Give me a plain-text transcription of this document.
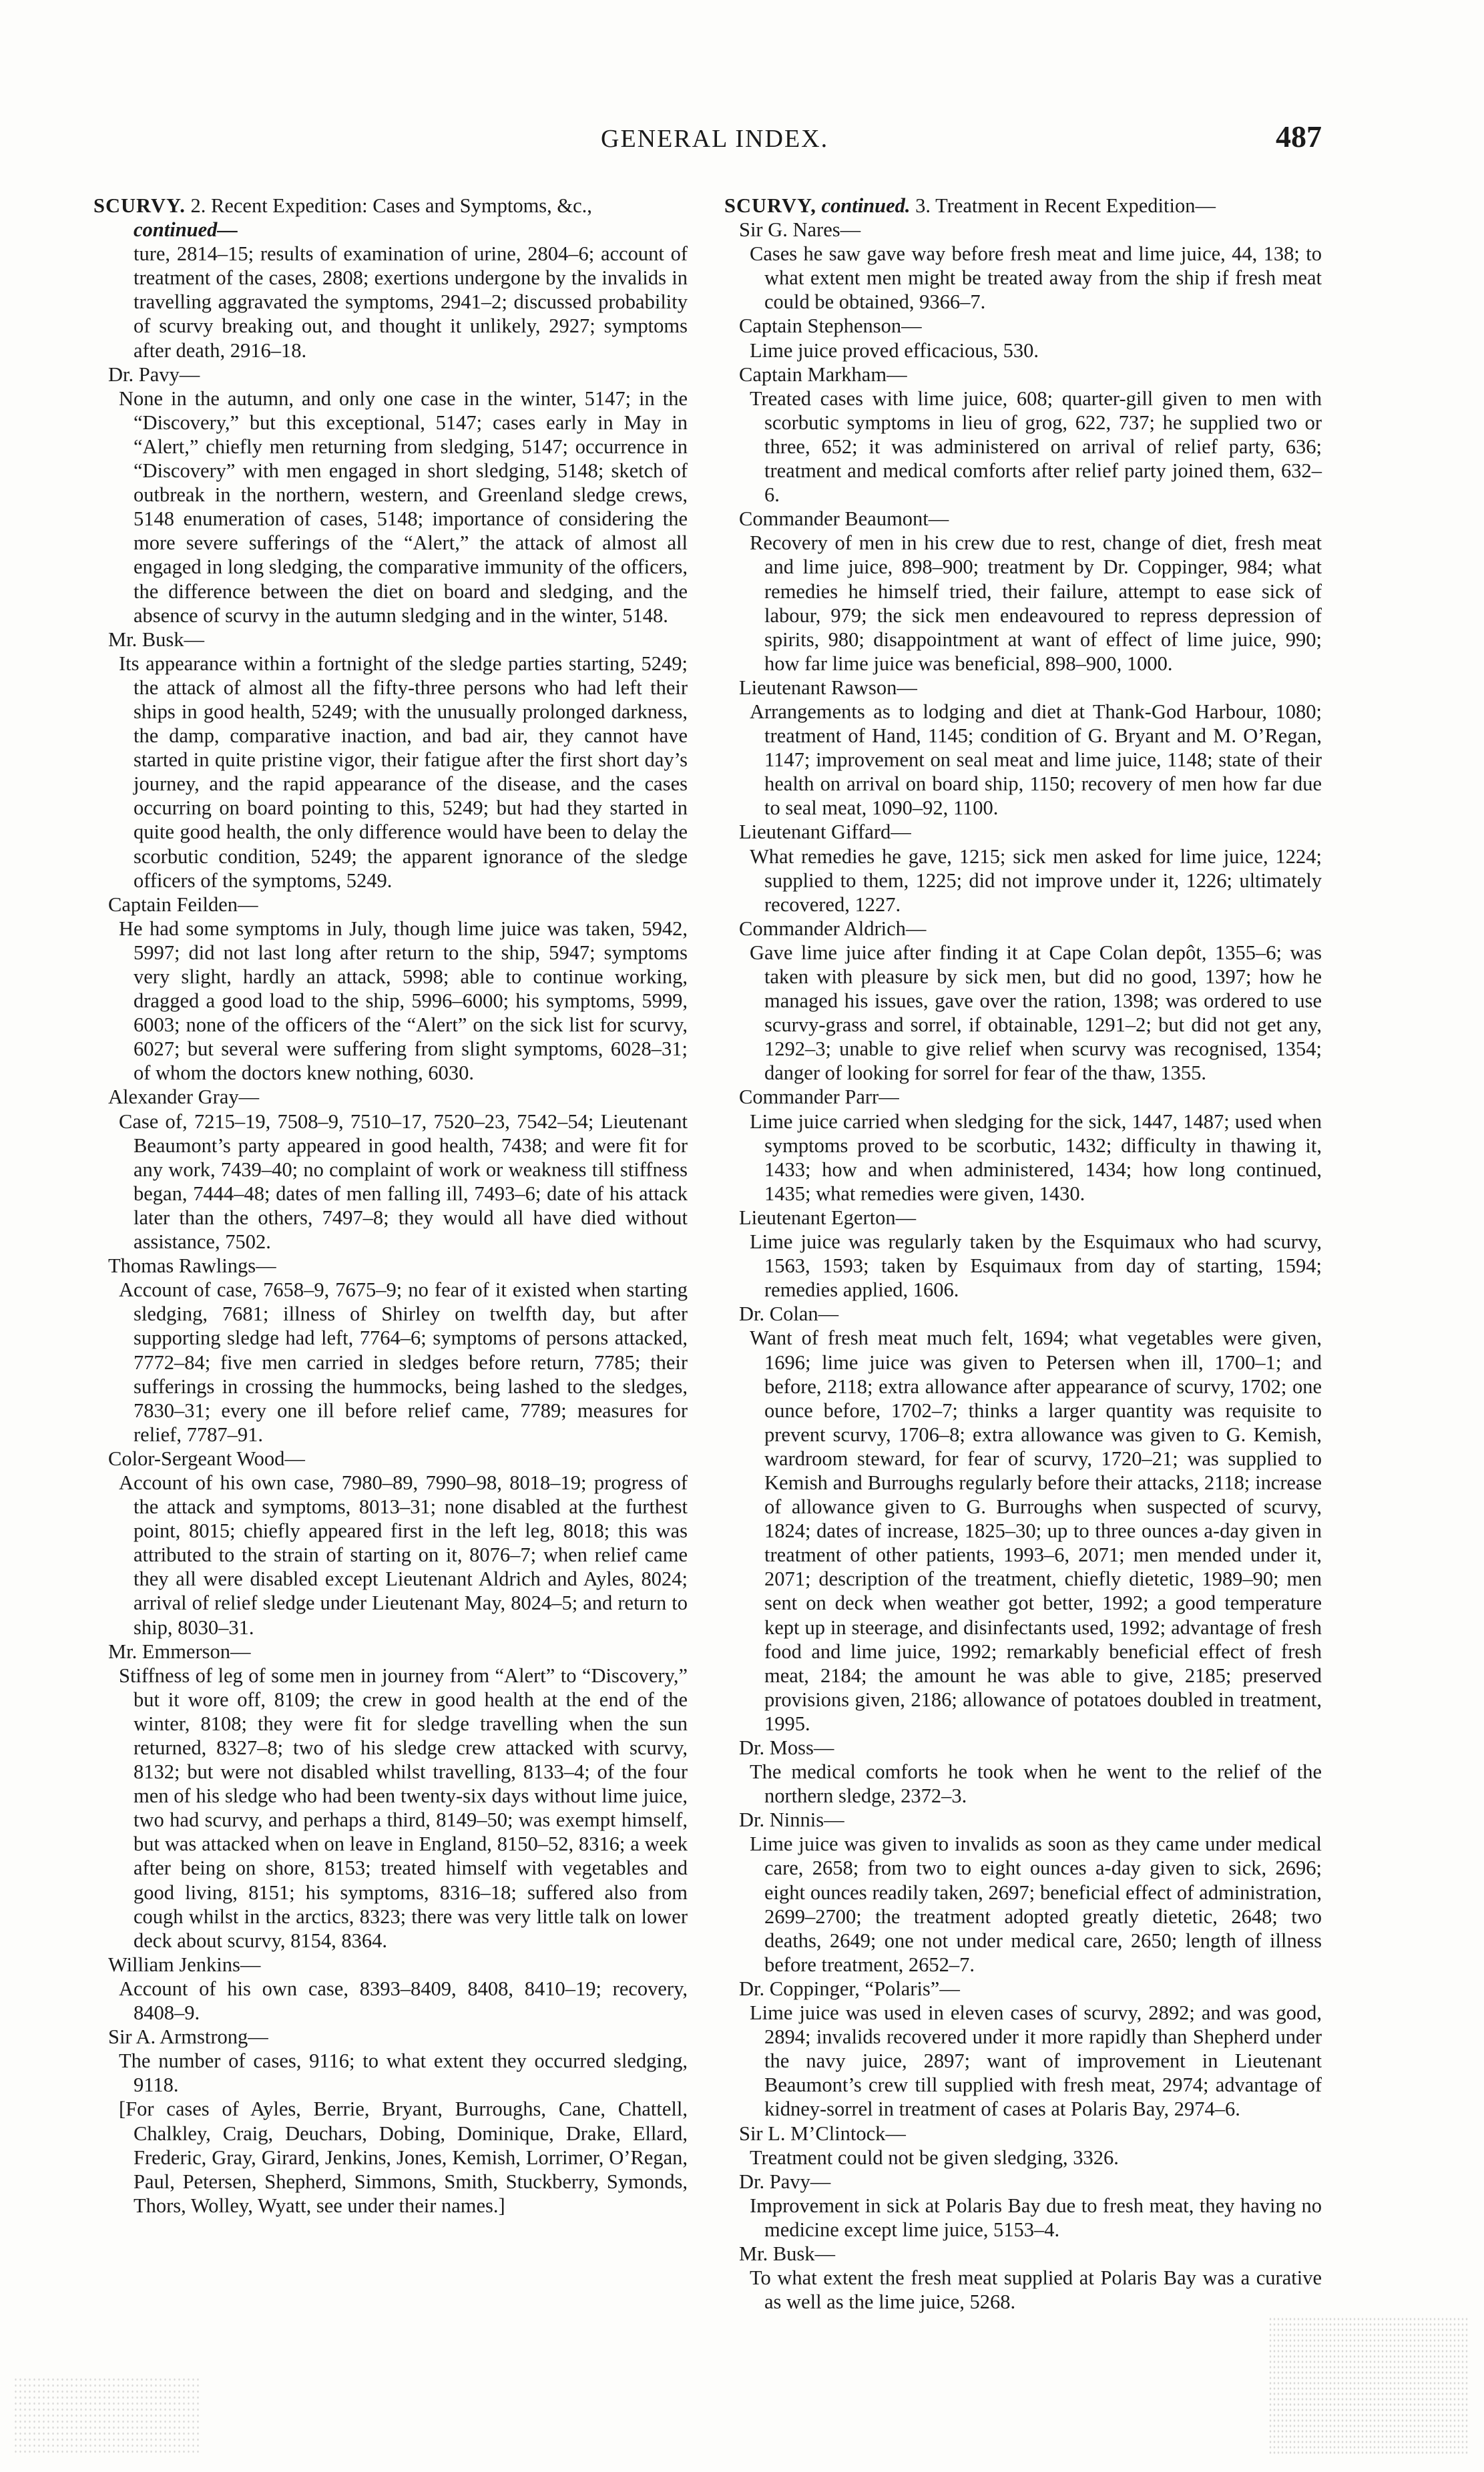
GENERAL INDEX.	487

SCURVY. 2. Recent Expedition: Cases and Symptoms, &c.,

continued—

ture, 2814–15; results of examination of urine, 2804–6; account of treatment of the cases, 2808; exertions undergone by the invalids in travelling aggravated the symptoms, 2941–2; discussed probability of scurvy breaking out, and thought it unlikely, 2927; symptoms after death, 2916–18.

Dr. Pavy—

None in the autumn, and only one case in the winter, 5147; in the “Discovery,” but this exceptional, 5147; cases early in May in “Alert,” chiefly men returning from sledging, 5147; occurrence in “Discovery” with men engaged in short sledging, 5148; sketch of outbreak in the northern, western, and Greenland sledge crews, 5148 enumeration of cases, 5148; importance of considering the more severe sufferings of the “Alert,” the attack of almost all engaged in long sledging, the comparative immunity of the officers, the difference between the diet on board and sledging, and the absence of scurvy in the autumn sledging and in the winter, 5148.

Mr. Busk—

Its appearance within a fortnight of the sledge parties starting, 5249; the attack of almost all the fifty-three persons who had left their ships in good health, 5249; with the unusually prolonged darkness, the damp, comparative inaction, and bad air, they cannot have started in quite pristine vigor, their fatigue after the first short day’s journey, and the rapid appearance of the disease, and the cases occurring on board pointing to this, 5249; but had they started in quite good health, the only difference would have been to delay the scorbutic condition, 5249; the apparent ignorance of the sledge officers of the symptoms, 5249.

Captain Feilden—

He had some symptoms in July, though lime juice was taken, 5942, 5997; did not last long after return to the ship, 5947; symptoms very slight, hardly an attack, 5998; able to continue working, dragged a good load to the ship, 5996–6000; his symptoms, 5999, 6003; none of the officers of the “Alert” on the sick list for scurvy, 6027; but several were suffering from slight symptoms, 6028–31; of whom the doctors knew nothing, 6030.

Alexander Gray—

Case of, 7215–19, 7508–9, 7510–17, 7520–23, 7542–54; Lieutenant Beaumont’s party appeared in good health, 7438; and were fit for any work, 7439–40; no complaint of work or weakness till stiffness began, 7444–48; dates of men falling ill, 7493–6; date of his attack later than the others, 7497–8; they would all have died without assistance, 7502.

Thomas Rawlings—

Account of case, 7658–9, 7675–9; no fear of it existed when starting sledging, 7681; illness of Shirley on twelfth day, but after supporting sledge had left, 7764–6; symptoms of persons attacked, 7772–84; five men carried in sledges before return, 7785; their sufferings in crossing the hummocks, being lashed to the sledges, 7830–31; every one ill before relief came, 7789; measures for relief, 7787–91.

Color-Sergeant Wood—

Account of his own case, 7980–89, 7990–98, 8018–19; progress of the attack and symptoms, 8013–31; none disabled at the furthest point, 8015; chiefly appeared first in the left leg, 8018; this was attributed to the strain of starting on it, 8076–7; when relief came they all were disabled except Lieutenant Aldrich and Ayles, 8024; arrival of relief sledge under Lieutenant May, 8024–5; and return to ship, 8030–31.

Mr. Emmerson—

Stiffness of leg of some men in journey from “Alert” to “Discovery,” but it wore off, 8109; the crew in good health at the end of the winter, 8108; they were fit for sledge travelling when the sun returned, 8327–8; two of his sledge crew attacked with scurvy, 8132; but were not disabled whilst travelling, 8133–4; of the four men of his sledge who had been twenty-six days without lime juice, two had scurvy, and perhaps a third, 8149–50; was exempt himself, but was attacked when on leave in England, 8150–52, 8316; a week after being on shore, 8153; treated himself with vegetables and good living, 8151; his symptoms, 8316–18; suffered also from cough whilst in the arctics, 8323; there was very little talk on lower deck about scurvy, 8154, 8364.

William Jenkins—

Account of his own case, 8393–8409, 8408, 8410–19; recovery, 8408–9.

Sir A. Armstrong—

The number of cases, 9116; to what extent they occurred sledging, 9118.

[For cases of Ayles, Berrie, Bryant, Burroughs, Cane, Chattell, Chalkley, Craig, Deuchars, Dobing, Dominique, Drake, Ellard, Frederic, Gray, Girard, Jenkins, Jones, Kemish, Lorrimer, O’Regan, Paul, Petersen, Shepherd, Simmons, Smith, Stuckberry, Symonds, Thors, Wolley, Wyatt, see under their names.]

SCURVY, continued. 3. Treatment in Recent Expedition—

Sir G. Nares—

Cases he saw gave way before fresh meat and lime juice, 44, 138; to what extent men might be treated away from the ship if fresh meat could be obtained, 9366–7.

Captain Stephenson—

Lime juice proved efficacious, 530.

Captain Markham—

Treated cases with lime juice, 608; quarter-gill given to men with scorbutic symptoms in lieu of grog, 622, 737; he supplied two or three, 652; it was administered on arrival of relief party, 636; treatment and medical comforts after relief party joined them, 632–6.

Commander Beaumont—

Recovery of men in his crew due to rest, change of diet, fresh meat and lime juice, 898–900; treatment by Dr. Coppinger, 984; what remedies he himself tried, their failure, attempt to ease sick of labour, 979; the sick men endeavoured to repress depression of spirits, 980; disappointment at want of effect of lime juice, 990; how far lime juice was beneficial, 898–900, 1000.

Lieutenant Rawson—

Arrangements as to lodging and diet at Thank-God Harbour, 1080; treatment of Hand, 1145; condition of G. Bryant and M. O’Regan, 1147; improvement on seal meat and lime juice, 1148; state of their health on arrival on board ship, 1150; recovery of men how far due to seal meat, 1090–92, 1100.

Lieutenant Giffard—

What remedies he gave, 1215; sick men asked for lime juice, 1224; supplied to them, 1225; did not improve under it, 1226; ultimately recovered, 1227.

Commander Aldrich—

Gave lime juice after finding it at Cape Colan depôt, 1355–6; was taken with pleasure by sick men, but did no good, 1397; how he managed his issues, gave over the ration, 1398; was ordered to use scurvy-grass and sorrel, if obtainable, 1291–2; but did not get any, 1292–3; unable to give relief when scurvy was recognised, 1354; danger of looking for sorrel for fear of the thaw, 1355.

Commander Parr—

Lime juice carried when sledging for the sick, 1447, 1487; used when symptoms proved to be scorbutic, 1432; difficulty in thawing it, 1433; how and when administered, 1434; how long continued, 1435; what remedies were given, 1430.

Lieutenant Egerton—

Lime juice was regularly taken by the Esquimaux who had scurvy, 1563, 1593; taken by Esquimaux from day of starting, 1594; remedies applied, 1606.

Dr. Colan—

Want of fresh meat much felt, 1694; what vegetables were given, 1696; lime juice was given to Petersen when ill, 1700–1; and before, 2118; extra allowance after appearance of scurvy, 1702; one ounce before, 1702–7; thinks a larger quantity was requisite to prevent scurvy, 1706–8; extra allowance was given to G. Kemish, wardroom steward, for fear of scurvy, 1720–21; was supplied to Kemish and Burroughs regularly before their attacks, 2118; increase of allowance given to G. Burroughs when suspected of scurvy, 1824; dates of increase, 1825–30; up to three ounces a-day given in treatment of other patients, 1993–6, 2071; men mended under it, 2071; description of the treatment, chiefly dietetic, 1989–90; men sent on deck when weather got better, 1992; a good temperature kept up in steerage, and disinfectants used, 1992; advantage of fresh food and lime juice, 1992; remarkably beneficial effect of fresh meat, 2184; the amount he was able to give, 2185; preserved provisions given, 2186; allowance of potatoes doubled in treatment, 1995.

Dr. Moss—

The medical comforts he took when he went to the relief of the northern sledge, 2372–3.

Dr. Ninnis—

Lime juice was given to invalids as soon as they came under medical care, 2658; from two to eight ounces a-day given to sick, 2696; eight ounces readily taken, 2697; beneficial effect of administration, 2699–2700; the treatment adopted greatly dietetic, 2648; two deaths, 2649; one not under medical care, 2650; length of illness before treatment, 2652–7.

Dr. Coppinger, “Polaris”—

Lime juice was used in eleven cases of scurvy, 2892; and was good, 2894; invalids recovered under it more rapidly than Shepherd under the navy juice, 2897; want of improvement in Lieutenant Beaumont’s crew till supplied with fresh meat, 2974; advantage of kidney-sorrel in treatment of cases at Polaris Bay, 2974–6.

Sir L. M’Clintock—

Treatment could not be given sledging, 3326.

Dr. Pavy—

Improvement in sick at Polaris Bay due to fresh meat, they having no medicine except lime juice, 5153–4.

Mr. Busk—

To what extent the fresh meat supplied at Polaris Bay was a curative as well as the lime juice, 5268.
